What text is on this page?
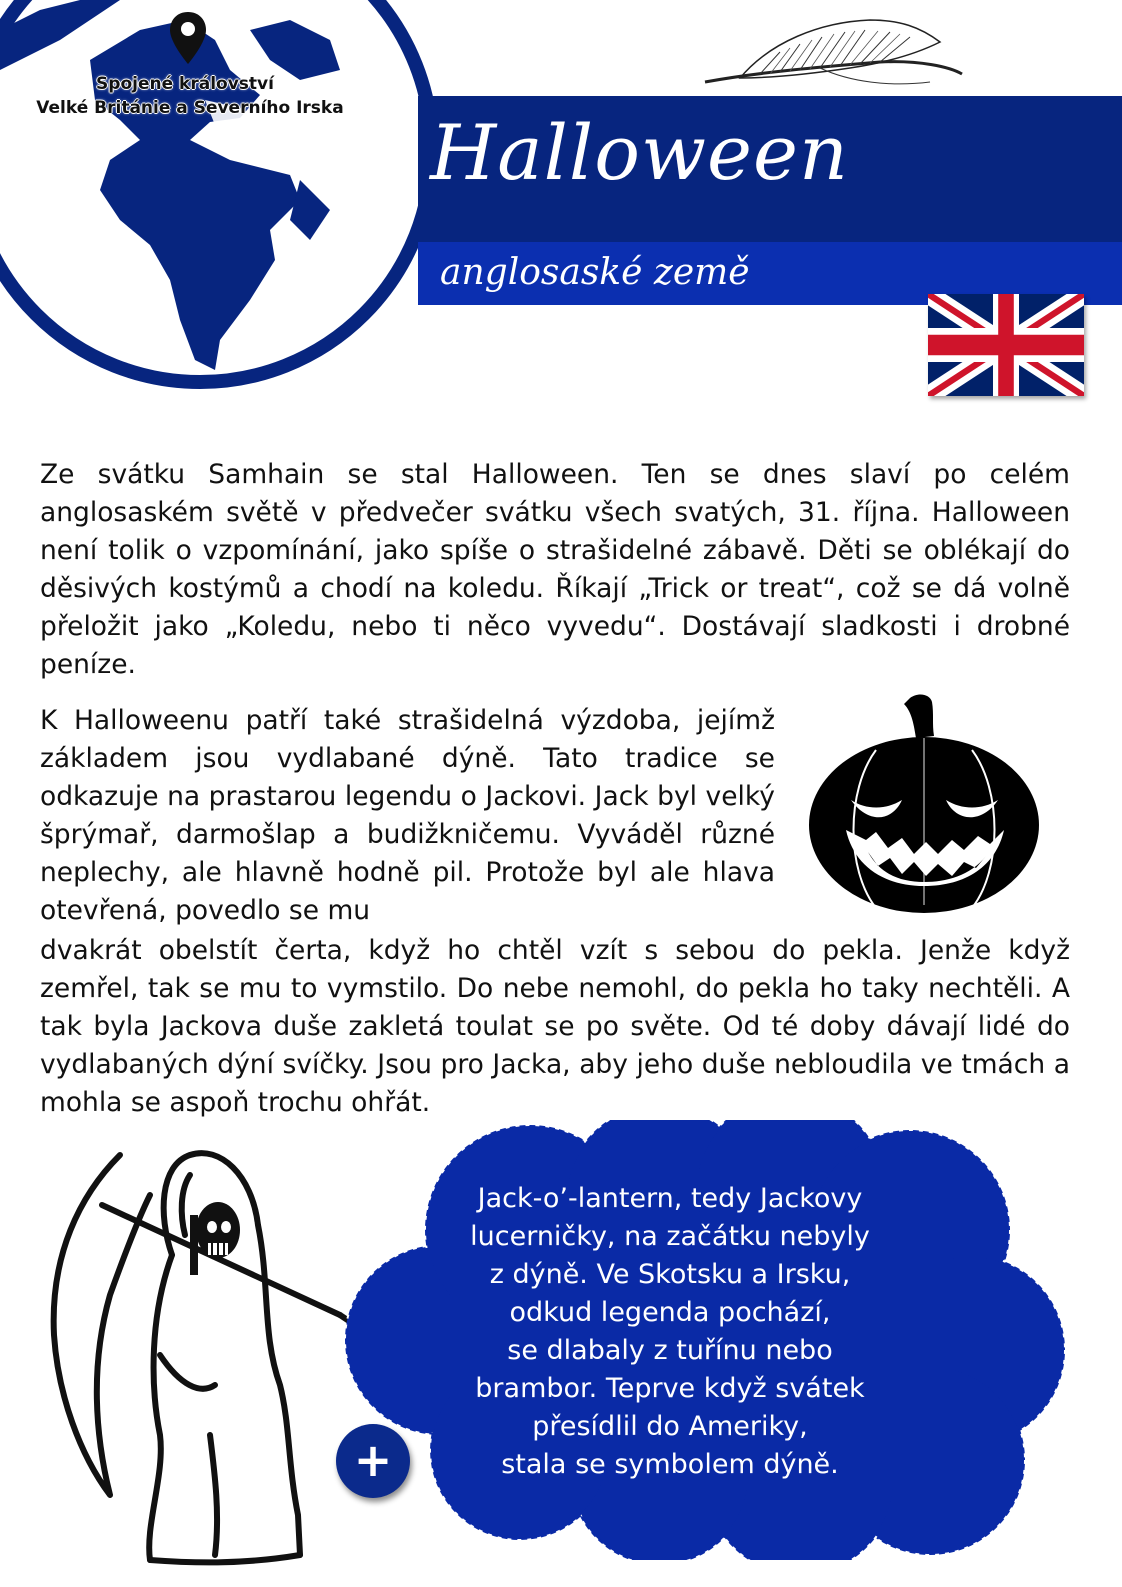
Spojené království
Velké Británie a Severního Irska Halloween
anglosaské země

Ze svátku Samhain se stal Halloween. Ten se dnes slaví po celém anglosaském světě v předvečer svátku všech svatých, 31. října. Halloween není tolik o vzpomínání, jako spíše o strašidelné zábavě. Děti se oblékají do děsivých kostýmů a chodí na koledu. Říkají „Trick or treat“, což se dá volně přeložit jako „Koledu, nebo ti něco vyvedu“. Dostávají sladkosti i drobné peníze.

K Halloweenu patří také strašidelná výzdoba, jejímž základem jsou vydlabané dýně. Tato tradice se odkazuje na prastarou legendu o Jackovi. Jack byl velký šprýmař, darmošlap a budižkničemu. Vyváděl různé neplechy, ale hlavně hodně pil. Protože byl ale hlava otevřená, povedlo se mu

dvakrát obelstít čerta, když ho chtěl vzít s sebou do pekla. Jenže když zemřel, tak se mu to vymstilo. Do nebe nemohl, do pekla ho taky nechtěli. A tak byla Jackova duše zakletá toulat se po světe. Od té doby dávají lidé do vydlabaných dýní svíčky. Jsou pro Jacka, aby jeho duše nebloudila ve tmách a mohla se aspoň trochu ohřát.

Jack-o’-lantern, tedy Jackovy
lucerničky, na začátku nebyly
z dýně. Ve Skotsku a Irsku,
odkud legenda pochází,
se dlabaly z tuřínu nebo
brambor. Teprve když svátek
přesídlil do Ameriky,
stala se symbolem dýně.
+
